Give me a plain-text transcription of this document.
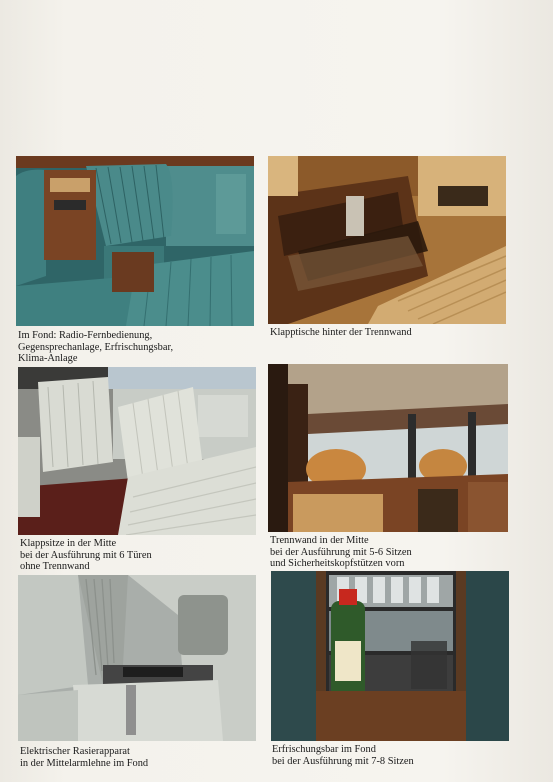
Im Fond: Radio-Fernbedienung,
Gegensprechanlage, Erfrischungsbar,
Klima-Anlage
Klapptische hinter der Trennwand
Klappsitze in der Mitte
bei der Ausführung mit 6 Türen
ohne Trennwand
Trennwand in der Mitte
bei der Ausführung mit 5-6 Sitzen
und Sicherheitskopfstützen vorn
Elektrischer Rasierapparat
in der Mittelarmlehne im Fond
Erfrischungsbar im Fond
bei der Ausführung mit 7-8 Sitzen
